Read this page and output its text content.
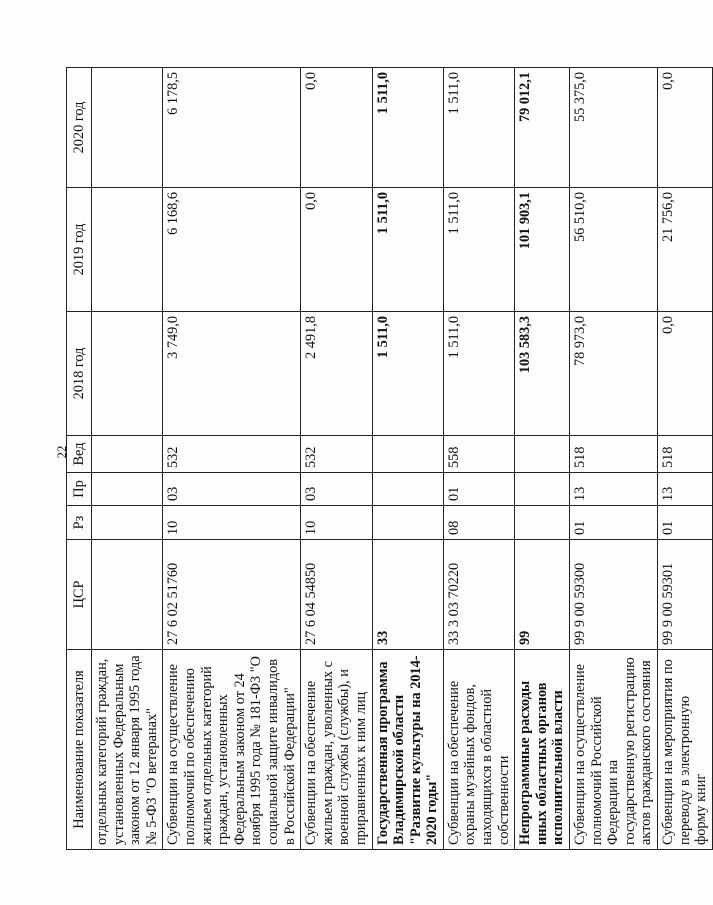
22
Наименование показателя	ЦСР	Рз	Пр	Вед	2018 год	2019 год	2020 год
отдельных категорий граждан, установленных Федеральным законом от 12 января 1995 года № 5-ФЗ "О ветеранах"							
Субвенции на осуществление полномочий по обеспечению жильем отдельных категорий граждан, установленных Федеральным законом от 24 ноября 1995 года № 181-ФЗ "О социальной защите инвалидов в Российской Федерации"	27 6 02 51760	10	03	532	3 749,0	6 168,6	6 178,5
Субвенции на обеспечение жильем граждан, уволенных с военной службы (службы), и приравненных к ним лиц	27 6 04 54850	10	03	532	2 491,8	0,0	0,0
Государственная программа Владимирской области "Развитие культуры на 2014-2020 годы"	33				1 511,0	1 511,0	1 511,0
Субвенции на обеспечение охраны музейных фондов, находящихся в областной собственности	33 3 03 70220	08	01	558	1 511,0	1 511,0	1 511,0
Непрограммные расходы иных областных органов исполнительной власти	99				103 583,3	101 903,1	79 012,1
Субвенции на осуществление полномочий Российской Федерации на государственную регистрацию актов гражданского состояния	99 9 00 59300	01	13	518	78 973,0	56 510,0	55 375,0
Субвенции на мероприятия по переводу в электронную форму книг	99 9 00 59301	01	13	518	0,0	21 756,0	0,0
